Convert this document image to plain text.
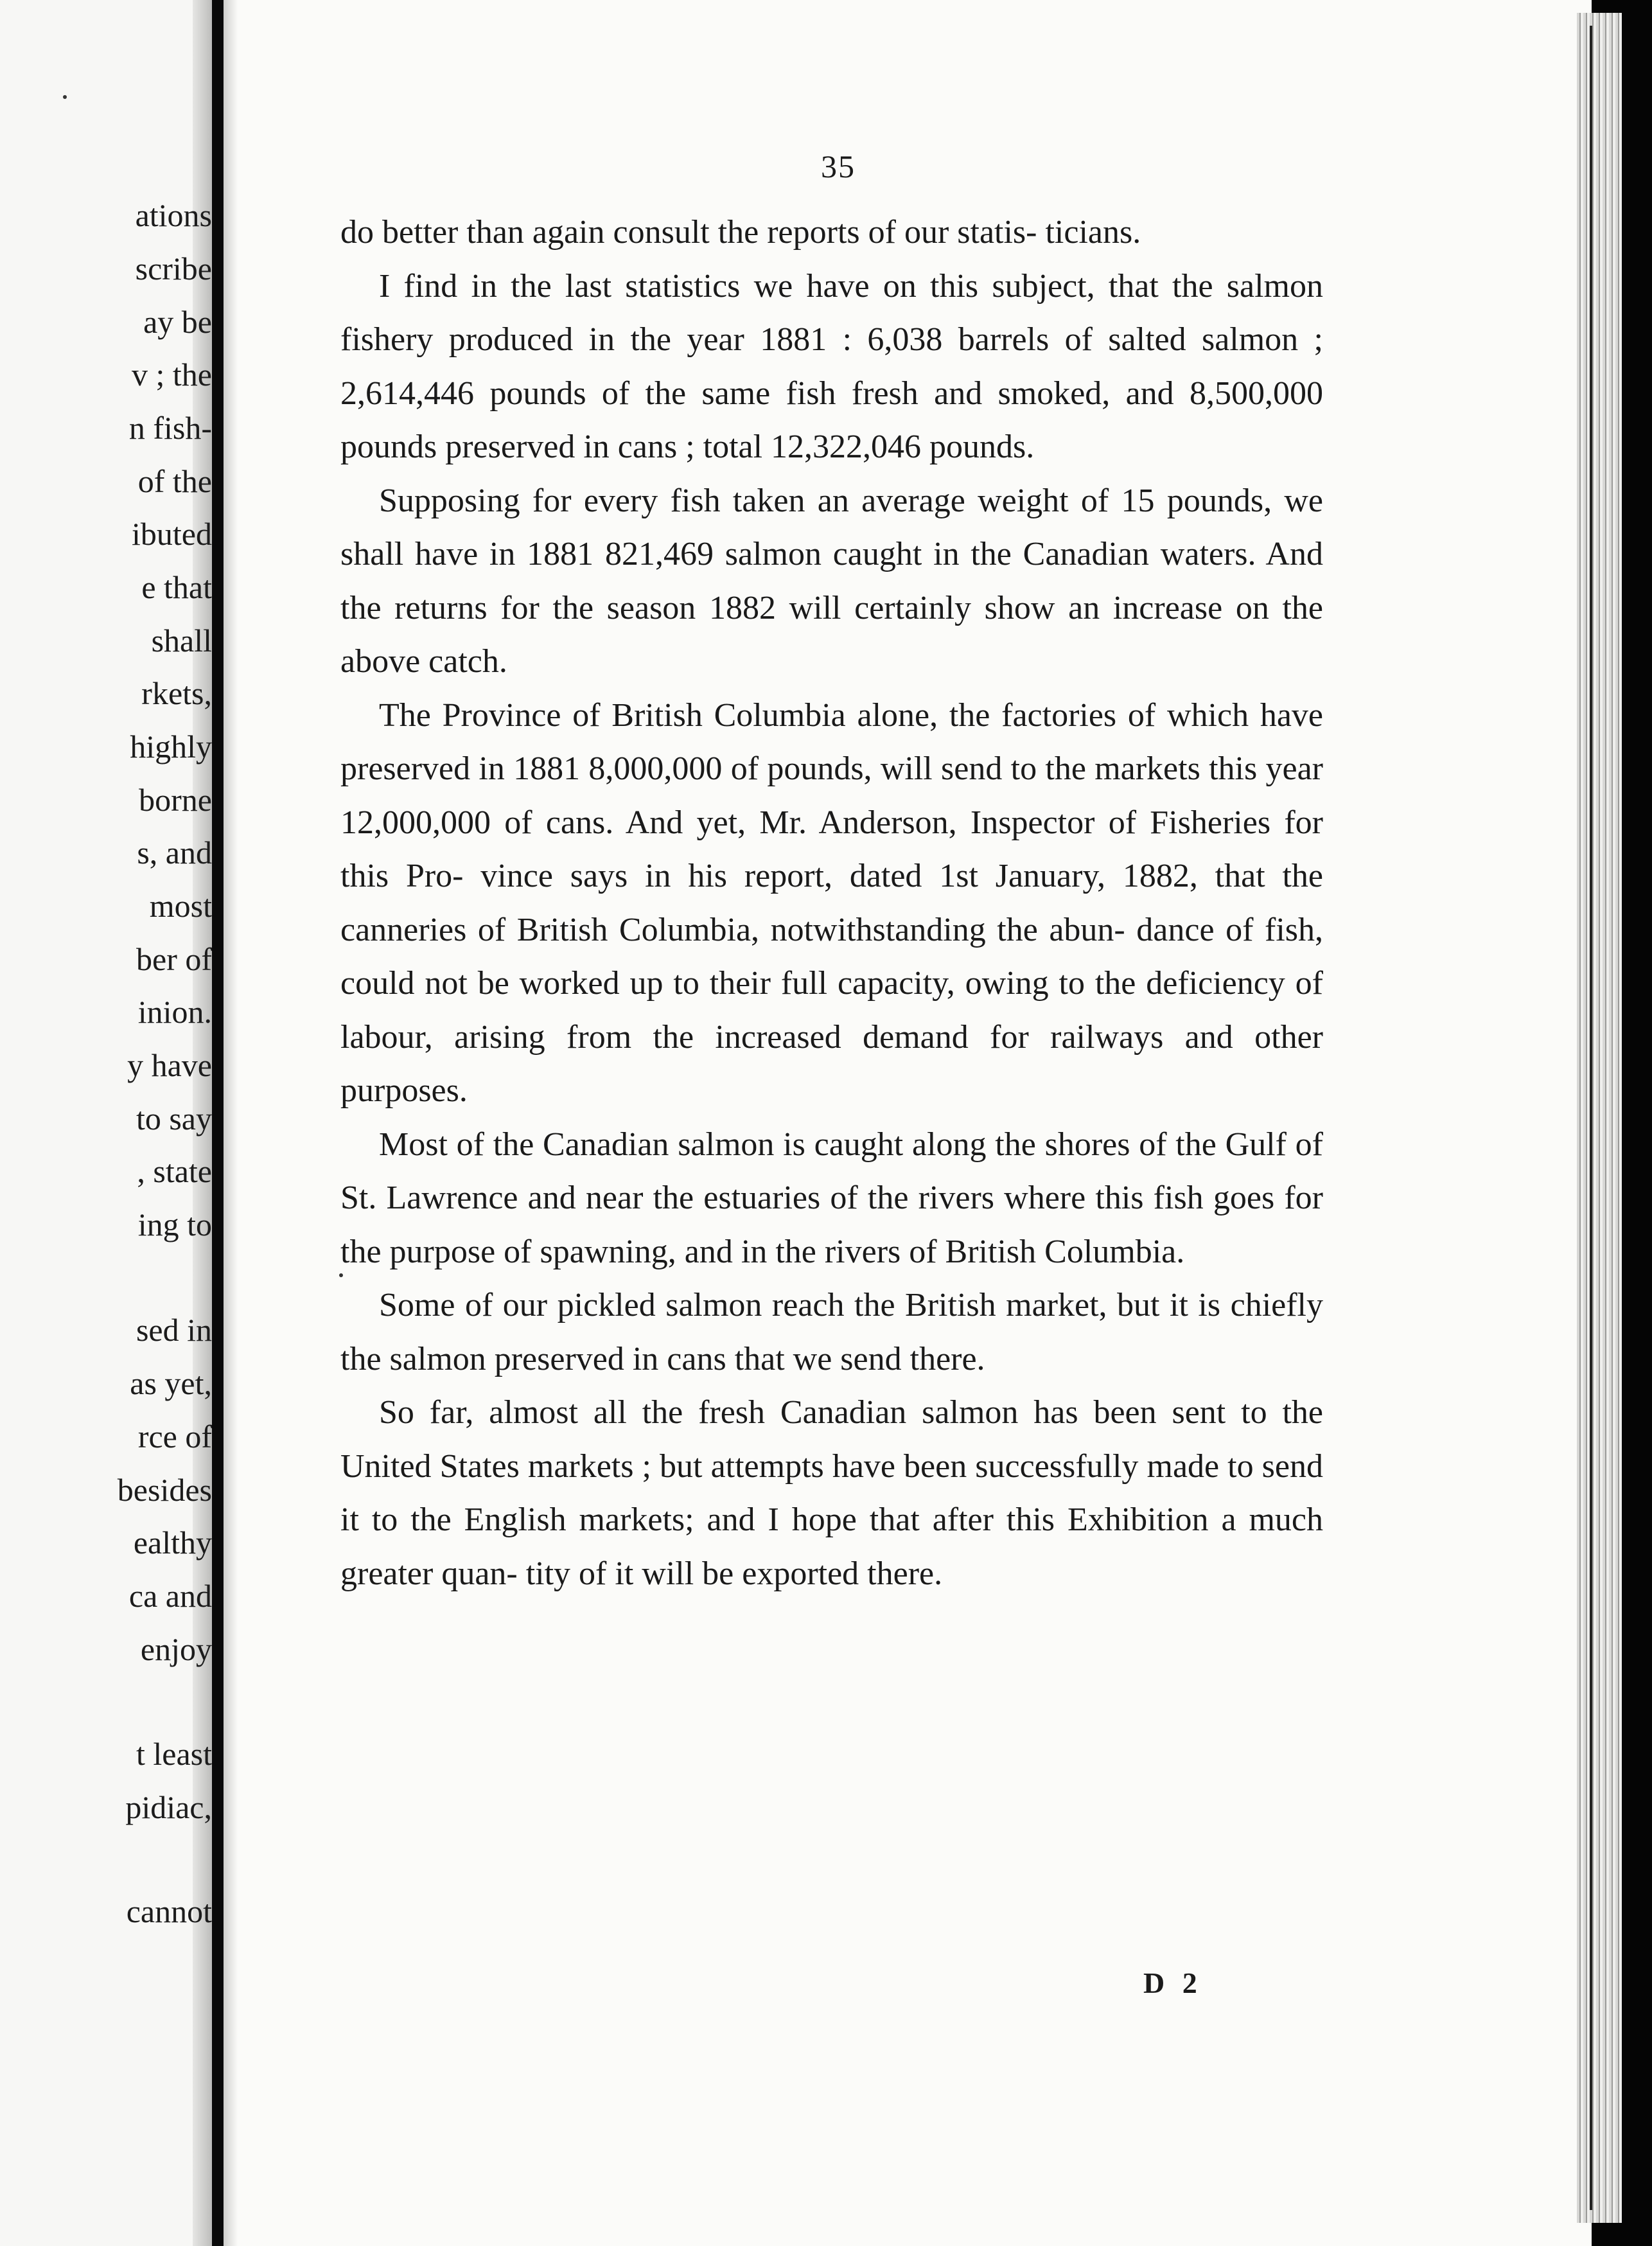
ations
scribe
ay be
v ; the
n fish-
of the
ibuted
e that
shall
rkets,
highly
borne
s, and
most
ber of
inion.
y have
to say
, state
ing to
sed in
as yet,
rce of
besides
ealthy
ca and
enjoy
t least
pidiac,
cannot
35

do better than again consult the reports of our statis- ticians.

I find in the last statistics we have on this subject, that the salmon fishery produced in the year 1881 : 6,038 barrels of salted salmon ; 2,614,446 pounds of the same fish fresh and smoked, and 8,500,000 pounds preserved in cans ; total 12,322,046 pounds.

Supposing for every fish taken an average weight of 15 pounds, we shall have in 1881 821,469 salmon caught in the Canadian waters. And the returns for the season 1882 will certainly show an increase on the above catch.

The Province of British Columbia alone, the factories of which have preserved in 1881 8,000,000 of pounds, will send to the markets this year 12,000,000 of cans. And yet, Mr. Anderson, Inspector of Fisheries for this Pro- vince says in his report, dated 1st January, 1882, that the canneries of British Columbia, notwithstanding the abun- dance of fish, could not be worked up to their full capacity, owing to the deficiency of labour, arising from the increased demand for railways and other purposes.

Most of the Canadian salmon is caught along the shores of the Gulf of St. Lawrence and near the estuaries of the rivers where this fish goes for the purpose of spawning, and in the rivers of British Columbia.

Some of our pickled salmon reach the British market, but it is chiefly the salmon preserved in cans that we send there.

So far, almost all the fresh Canadian salmon has been sent to the United States markets ; but attempts have been successfully made to send it to the English markets; and I hope that after this Exhibition a much greater quan- tity of it will be exported there.

D 2
